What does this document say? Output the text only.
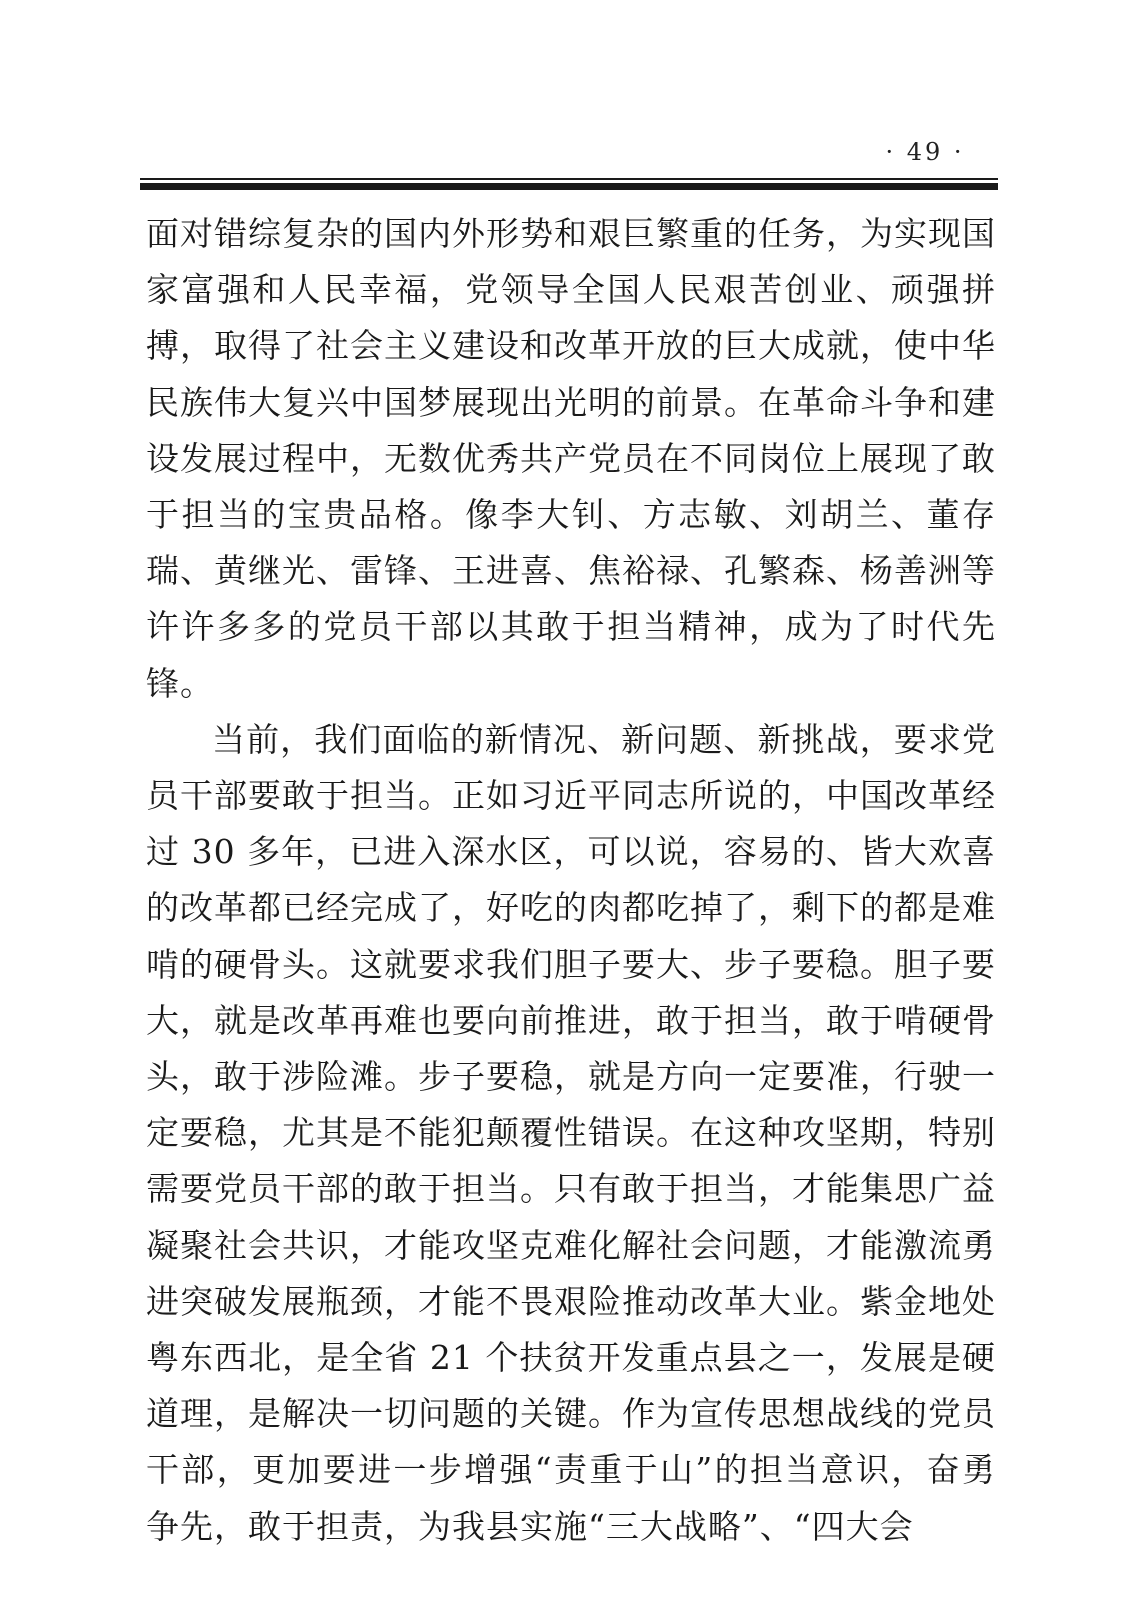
· 49 ·

面对错综复杂的国内外形势和艰巨繁重的任务，为实现国家富强和人民幸福，党领导全国人民艰苦创业、顽强拼搏，取得了社会主义建设和改革开放的巨大成就，使中华民族伟大复兴中国梦展现出光明的前景。在革命斗争和建设发展过程中，无数优秀共产党员在不同岗位上展现了敢于担当的宝贵品格。像李大钊、方志敏、刘胡兰、董存瑞、黄继光、雷锋、王进喜、焦裕禄、孔繁森、杨善洲等许许多多的党员干部以其敢于担当精神，成为了时代先锋。

当前，我们面临的新情况、新问题、新挑战，要求党员干部要敢于担当。正如习近平同志所说的，中国改革经过 30 多年，已进入深水区，可以说，容易的、皆大欢喜的改革都已经完成了，好吃的肉都吃掉了，剩下的都是难啃的硬骨头。这就要求我们胆子要大、步子要稳。胆子要大，就是改革再难也要向前推进，敢于担当，敢于啃硬骨头，敢于涉险滩。步子要稳，就是方向一定要准，行驶一定要稳，尤其是不能犯颠覆性错误。在这种攻坚期，特别需要党员干部的敢于担当。只有敢于担当，才能集思广益凝聚社会共识，才能攻坚克难化解社会问题，才能激流勇进突破发展瓶颈，才能不畏艰险推动改革大业。紫金地处粤东西北，是全省 21 个扶贫开发重点县之一，发展是硬道理，是解决一切问题的关键。作为宣传思想战线的党员干部，更加要进一步增强“责重于山”的担当意识，奋勇争先，敢于担责，为我县实施“三大战略”、“四大会
